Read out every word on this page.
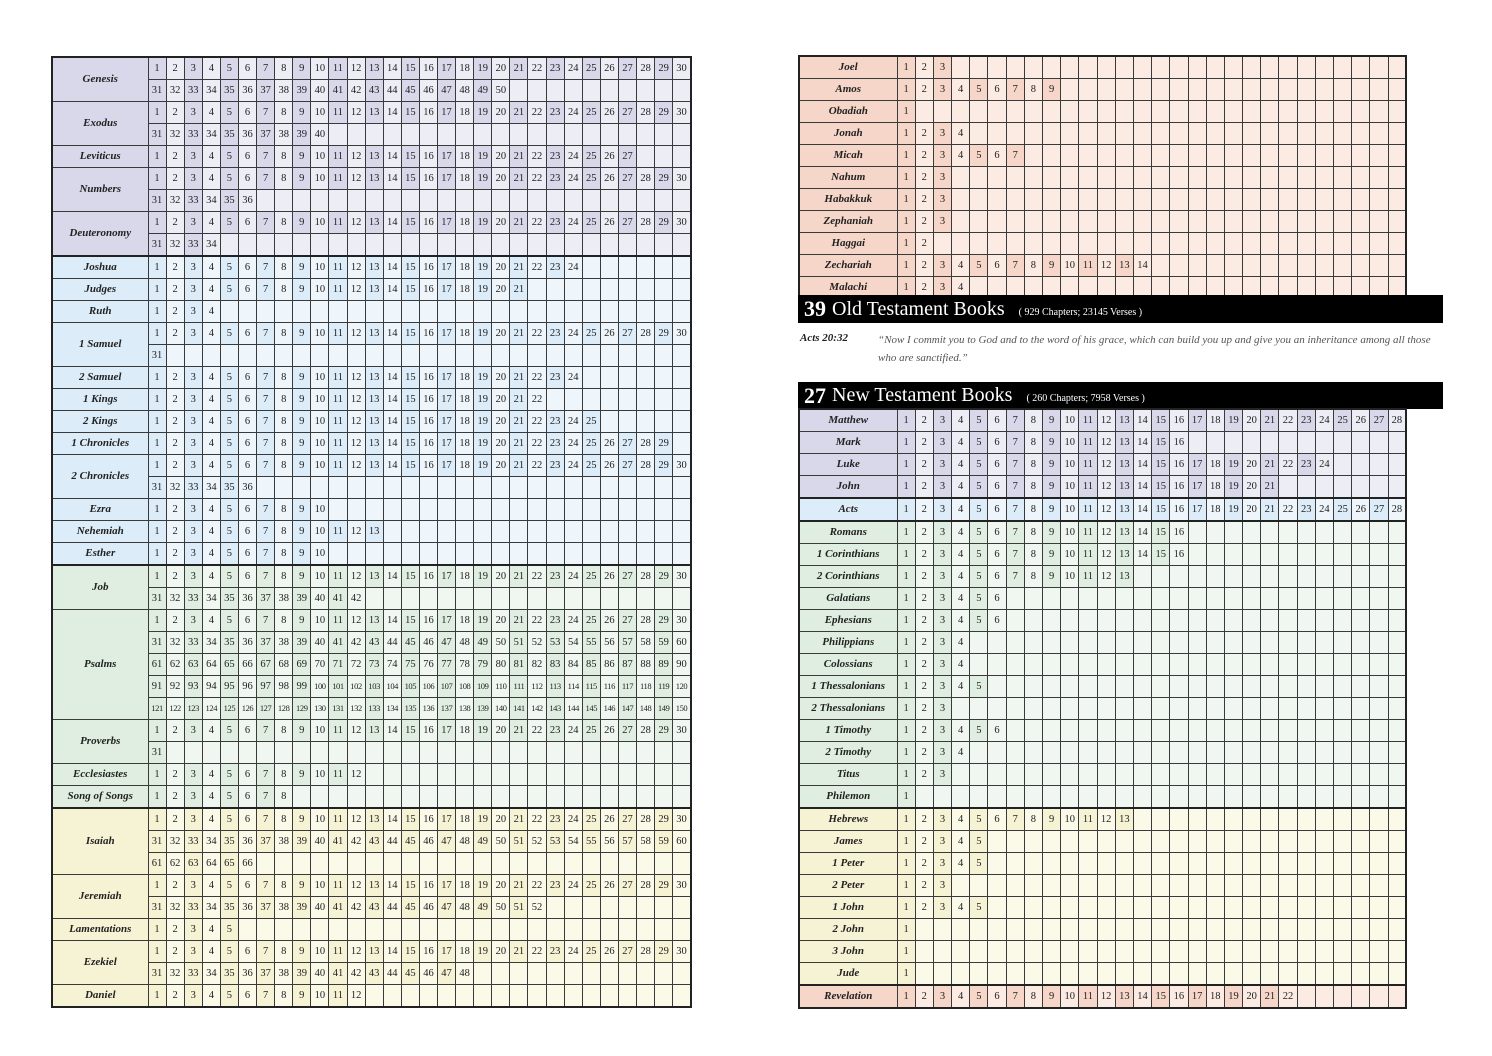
Genesis	1	2	3	4	5	6	7	8	9	10	11	12	13	14	15	16	17	18	19	20	21	22	23	24	25	26	27	28	29	30
	31	32	33	34	35	36	37	38	39	40	41	42	43	44	45	46	47	48	49	50										
Exodus	1	2	3	4	5	6	7	8	9	10	11	12	13	14	15	16	17	18	19	20	21	22	23	24	25	26	27	28	29	30
	31	32	33	34	35	36	37	38	39	40																				
Leviticus	1	2	3	4	5	6	7	8	9	10	11	12	13	14	15	16	17	18	19	20	21	22	23	24	25	26	27			
Numbers	1	2	3	4	5	6	7	8	9	10	11	12	13	14	15	16	17	18	19	20	21	22	23	24	25	26	27	28	29	30
	31	32	33	34	35	36																								
Deuteronomy	1	2	3	4	5	6	7	8	9	10	11	12	13	14	15	16	17	18	19	20	21	22	23	24	25	26	27	28	29	30
	31	32	33	34																										
Joshua	1	2	3	4	5	6	7	8	9	10	11	12	13	14	15	16	17	18	19	20	21	22	23	24						
Judges	1	2	3	4	5	6	7	8	9	10	11	12	13	14	15	16	17	18	19	20	21									
Ruth	1	2	3	4																										
1 Samuel	1	2	3	4	5	6	7	8	9	10	11	12	13	14	15	16	17	18	19	20	21	22	23	24	25	26	27	28	29	30
	31																													
2 Samuel	1	2	3	4	5	6	7	8	9	10	11	12	13	14	15	16	17	18	19	20	21	22	23	24						
1 Kings	1	2	3	4	5	6	7	8	9	10	11	12	13	14	15	16	17	18	19	20	21	22								
2 Kings	1	2	3	4	5	6	7	8	9	10	11	12	13	14	15	16	17	18	19	20	21	22	23	24	25					
1 Chronicles	1	2	3	4	5	6	7	8	9	10	11	12	13	14	15	16	17	18	19	20	21	22	23	24	25	26	27	28	29	
2 Chronicles	1	2	3	4	5	6	7	8	9	10	11	12	13	14	15	16	17	18	19	20	21	22	23	24	25	26	27	28	29	30
	31	32	33	34	35	36																								
Ezra	1	2	3	4	5	6	7	8	9	10																				
Nehemiah	1	2	3	4	5	6	7	8	9	10	11	12	13																	
Esther	1	2	3	4	5	6	7	8	9	10																				
Job	1	2	3	4	5	6	7	8	9	10	11	12	13	14	15	16	17	18	19	20	21	22	23	24	25	26	27	28	29	30
	31	32	33	34	35	36	37	38	39	40	41	42																		
Psalms	1	2	3	4	5	6	7	8	9	10	11	12	13	14	15	16	17	18	19	20	21	22	23	24	25	26	27	28	29	30
	31	32	33	34	35	36	37	38	39	40	41	42	43	44	45	46	47	48	49	50	51	52	53	54	55	56	57	58	59	60
	61	62	63	64	65	66	67	68	69	70	71	72	73	74	75	76	77	78	79	80	81	82	83	84	85	86	87	88	89	90
	91	92	93	94	95	96	97	98	99	100	101	102	103	104	105	106	107	108	109	110	111	112	113	114	115	116	117	118	119	120
	121	122	123	124	125	126	127	128	129	130	131	132	133	134	135	136	137	138	139	140	141	142	143	144	145	146	147	148	149	150
Proverbs	1	2	3	4	5	6	7	8	9	10	11	12	13	14	15	16	17	18	19	20	21	22	23	24	25	26	27	28	29	30
	31																													
Ecclesiastes	1	2	3	4	5	6	7	8	9	10	11	12																		
Song of Songs	1	2	3	4	5	6	7	8																						
Isaiah	1	2	3	4	5	6	7	8	9	10	11	12	13	14	15	16	17	18	19	20	21	22	23	24	25	26	27	28	29	30
	31	32	33	34	35	36	37	38	39	40	41	42	43	44	45	46	47	48	49	50	51	52	53	54	55	56	57	58	59	60
	61	62	63	64	65	66																								
Jeremiah	1	2	3	4	5	6	7	8	9	10	11	12	13	14	15	16	17	18	19	20	21	22	23	24	25	26	27	28	29	30
	31	32	33	34	35	36	37	38	39	40	41	42	43	44	45	46	47	48	49	50	51	52								
Lamentations	1	2	3	4	5																									
Ezekiel	1	2	3	4	5	6	7	8	9	10	11	12	13	14	15	16	17	18	19	20	21	22	23	24	25	26	27	28	29	30
	31	32	33	34	35	36	37	38	39	40	41	42	43	44	45	46	47	48												
Daniel	1	2	3	4	5	6	7	8	9	10	11	12																		
Joel	1	2	3																									
Amos	1	2	3	4	5	6	7	8	9																			
Obadiah	1																											
Jonah	1	2	3	4																								
Micah	1	2	3	4	5	6	7																					
Nahum	1	2	3																									
Habakkuk	1	2	3																									
Zephaniah	1	2	3																									
Haggai	1	2																										
Zechariah	1	2	3	4	5	6	7	8	9	10	11	12	13	14														
Malachi	1	2	3	4																								
39 Old Testament Books ( 929 Chapters; 23145 Verses )
Acts 20:32	“Now I commit you to God and to the word of his grace, which can build you up and give you an inheritance among all those who are sanctified.”
27 New Testament Books ( 260 Chapters; 7958 Verses )
Matthew	1	2	3	4	5	6	7	8	9	10	11	12	13	14	15	16	17	18	19	20	21	22	23	24	25	26	27	28
Mark	1	2	3	4	5	6	7	8	9	10	11	12	13	14	15	16												
Luke	1	2	3	4	5	6	7	8	9	10	11	12	13	14	15	16	17	18	19	20	21	22	23	24				
John	1	2	3	4	5	6	7	8	9	10	11	12	13	14	15	16	17	18	19	20	21							
Acts	1	2	3	4	5	6	7	8	9	10	11	12	13	14	15	16	17	18	19	20	21	22	23	24	25	26	27	28
Romans	1	2	3	4	5	6	7	8	9	10	11	12	13	14	15	16												
1 Corinthians	1	2	3	4	5	6	7	8	9	10	11	12	13	14	15	16												
2 Corinthians	1	2	3	4	5	6	7	8	9	10	11	12	13															
Galatians	1	2	3	4	5	6																						
Ephesians	1	2	3	4	5	6																						
Philippians	1	2	3	4																								
Colossians	1	2	3	4																								
1 Thessalonians	1	2	3	4	5																							
2 Thessalonians	1	2	3																									
1 Timothy	1	2	3	4	5	6																						
2 Timothy	1	2	3	4																								
Titus	1	2	3																									
Philemon	1																											
Hebrews	1	2	3	4	5	6	7	8	9	10	11	12	13															
James	1	2	3	4	5																							
1 Peter	1	2	3	4	5																							
2 Peter	1	2	3																									
1 John	1	2	3	4	5																							
2 John	1																											
3 John	1																											
Jude	1																											
Revelation	1	2	3	4	5	6	7	8	9	10	11	12	13	14	15	16	17	18	19	20	21	22						
